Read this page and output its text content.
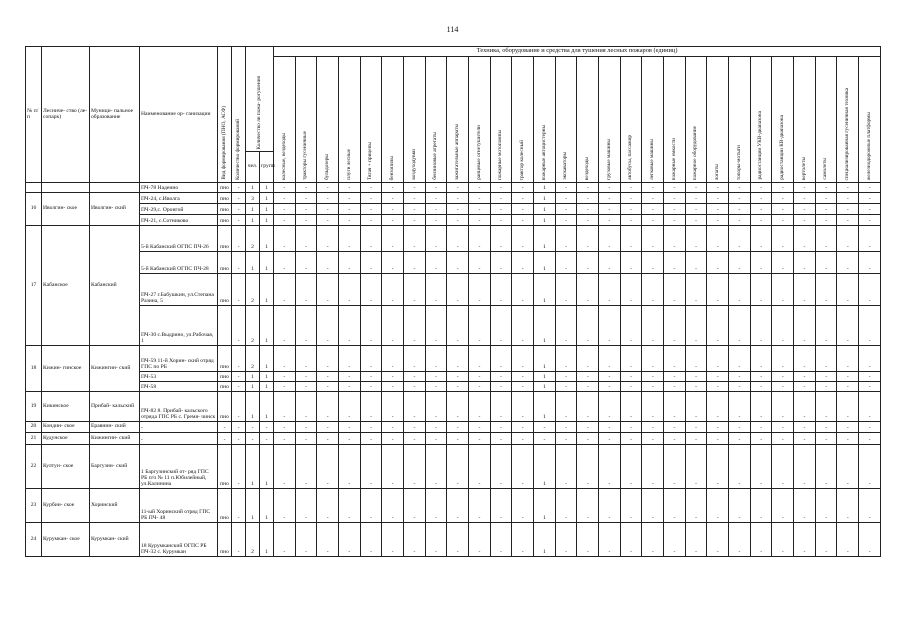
114
№ п/п	Лесниче- ство (ле- сопарк)	Муници- пальное образование	Наименование ор- ганизации	Вид формирования (ПНО, АСФ)	Количество формирований	Количество ли пожа- рогушения		Техника, оборудование и средства для тушения лесных пожаров (единиц)																											

								колесные, вездеходы	тракторы гусеничные	бульдозеры	плуги лесные	Тягач + прицепы	бензопилы	воздуходувки	бензиновые агрегаты	зажигательные аппараты	ранцевые огнетушители	пожарные мотопомпы	трактор колесный	пожарные автоцистерны	экскаваторы	вездеходы	грузовые машины	автобусы, пассажир	легковые машины	пожарные емкости	пожарное оборудование	лопаты	топоры-мотыги	радиостанции УКВ-диапазона	радиостанции КВ-диапазона	вертолеты	самолеты	специализированная гусеничная техника	железнодорожные платформы

						чел.	групп																												
			ПЧ-78 Надеино	пно	-	1	1	-	-	-	-	-	-	-	-	-	-	-	-	1	-	-	-	-	-	-	-	-	-	-	-	-	-	-	-
16	Иволгин- ское	Иволгин- ский	ПЧ-24, с.Иволга	пно	-	3	1	-	-	-	-	-	-	-	-	-	-	-	-	1	-	-	-	-	-	-	-	-	-	-	-	-	-	-	-
			ПЧ-29,с. Оронгой	пно	-	1	1	-	-	-	-	-	-	-	-	-	-	-	-	1	-	-	-	-	-	-	-	-	-	-	-	-	-	-	-
			ПЧ-21, с.Сотниково	пно	-	1	1	-	-	-	-	-	-	-	-	-	-	-	-	1	-	-	-	-	-	-	-	-	-	-	-	-	-	-	-
17	Кабанское	Кабанский	5-й Кабанский ОГПС ПЧ-26	пно	-	2	1	-	-	-	-	-	-	-	-	-	-	-	-	1	-	-	-	-	-	-	-	-	-	-	-	-	-	-	-
			5-й Кабанский ОГПС ПЧ-28	пно	-	1	1	-	-	-	-	-	-	-	-	-	-	-	-	1	-	-	-	-	-	-	-	-	-	-	-	-	-	-	-
			ПЧ-27 г.Бабушкин, ул.Степана Разина, 5	пно	-	2	1	-	-	-	-	-	-	-	-	-	-	-	-	1	-	-	-	-	-	-	-	-	-	-	-	-	-	-	-
			ПЧ-30 с.Выдрино, ул.Рабочая, 1		-	2	1	-	-	-	-	-	-	-	-	-	-	-	-	1	-	-	-	-	-	-	-	-	-	-	-	-	-	-	-
18	Кижин- гинское	Кижингин- ский	ПЧ-59 11-й Хорин- ский отряд ГПС по РБ	пно	-	2	1	-	-	-	-	-	-	-	-	-	-	-	-	1	-	-	-	-	-	-	-	-	-	-	-	-	-	-	-
			ПЧ-53	пно	-	1	1	-	-	-	-	-	-	-	-	-	-	-	-	1	-	-	-	-	-	-	-	-	-	-	-	-	-	-	-
			ПЧ-58	пно	-	1	1	-	-	-	-	-	-	-	-	-	-	-	-	1	-	-	-	-	-	-	-	-	-	-	-	-	-	-	-
19	Кикинское	Прибай- кальский	ПЧ-82 8. Прибай- кальского отряда ГПС РБ с. Гремя- чинск	пно	-	1	1	-	-	-	-	-	-	-	-	-	-	-	-	1	-	-	-	-	-	-	-	-	-	-	-	-	-	-	-
20	Кондин- ское	Еравнин- ский	-	-	-	-	-	-	-	-	-	-	-	-	-	-	-	-	-	-	-	-	-	-	-	-	-	-	-	-	-	-	-	-	-
21	Кудунское	Кижингин- ский	-	-	-	-	-	-	-	-	-	-	-	-	-	-	-	-	-	-	-	-	-	-	-	-	-	-	-	-	-	-	-	-	-
22	Култун- ское	Баргузин- ский	1 Баргузинский от- ряд ГПС РБ п/ч № 11 п.Юбилейный, ул.Калинина	пно	-	1	1	-	-	-	-	-	-	-	-	-	-	-	-	1	-	-	-	-	-	-	-	-	-	-	-	-	-	-	-
23	Курбин- ское	Хоринский	11-ый Хоринский отряд ГПС РБ ПЧ- 48	пно	-	1	1	-	-	-	-	-	-	-	-	-	-	-	-	1	-	-	-	-	-	-	-	-	-	-	-	-	-	-	-
24	Курумкан- ское	Курумкан- ский	18 Курумканский ОГПС РБ ПЧ-32 с. Курумкан	пно	-	2	1	-	-	-	-	-	-	-	-	-	-	-	-	1	-	-	-	-	-	-	-	-	-	-	-	-	-	-	-
